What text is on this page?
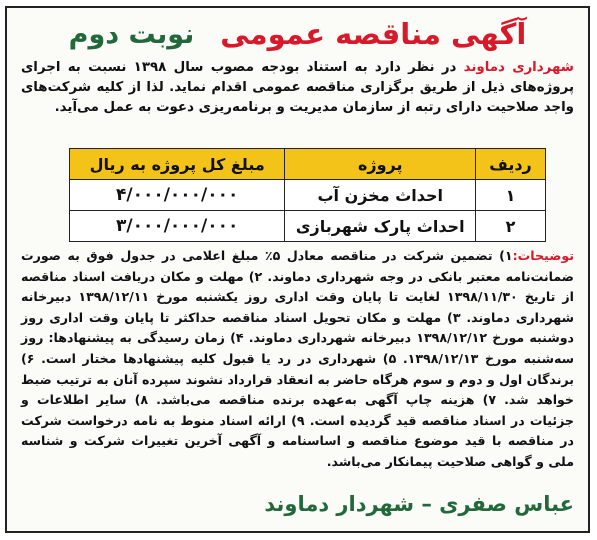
آگهی مناقصه عمومی
نوبت دوم
شهرداری دماوند در نظر دارد به استناد بودجه مصوب سال ۱۳۹۸ نسبت به اجرای پروژه‌های ذیل از طریق برگزاری مناقصه عمومی اقدام نماید. لذا از کلیه شرکت‌های واجد صلاحیت دارای رتبه از سازمان مدیریت و برنامه‌ریزی دعوت به عمل می‌آید.
ردیف	پروژه	مبلغ کل پروژه به ریال
۱	احداث مخزن آب	۴/۰۰۰/۰۰۰/۰۰۰
۲	احداث پارک شهربازی	۳/۰۰۰/۰۰۰/۰۰۰
توضیحات:۱) تضمین شرکت در مناقصه معادل ۵٪ مبلغ اعلامی در جدول فوق به صورت ضمانت‌نامه معتبر بانکی در وجه شهرداری دماوند. ۲) مهلت و مکان دریافت اسناد مناقصه از تاریخ ۱۳۹۸/۱۱/۳۰ لغایت تا پایان وقت اداری روز یکشنبه مورخ ۱۳۹۸/۱۲/۱۱ دبیرخانه شهرداری دماوند. ۳) مهلت و مکان تحویل اسناد مناقصه حداکثر تا پایان وقت اداری روز دوشنبه مورخ ۱۳۹۸/۱۲/۱۲ دبیرخانه شهرداری دماوند. ۴) زمان رسیدگی به پیشنهادها: روز سه‌شنبه مورخ ۱۳۹۸/۱۲/۱۳. ۵) شهرداری در رد یا قبول کلیه پیشنهادها مختار است. ۶) برندگان اول و دوم و سوم هرگاه حاضر به انعقاد قرارداد نشوند سپرده آنان به ترتیب ضبط خواهد شد. ۷) هزینه چاپ آگهی به‌عهده برنده مناقصه می‌باشد. ۸) سایر اطلاعات و جزئیات در اسناد مناقصه قید گردیده است. ۹) ارائه اسناد منوط به نامه درخواست شرکت در مناقصه با قید موضوع مناقصه و اساسنامه و آگهی آخرین تغییرات شرکت و شناسه ملی و گواهی صلاحیت پیمانکار می‌باشد.
عباس صفری – شهردار دماوند
